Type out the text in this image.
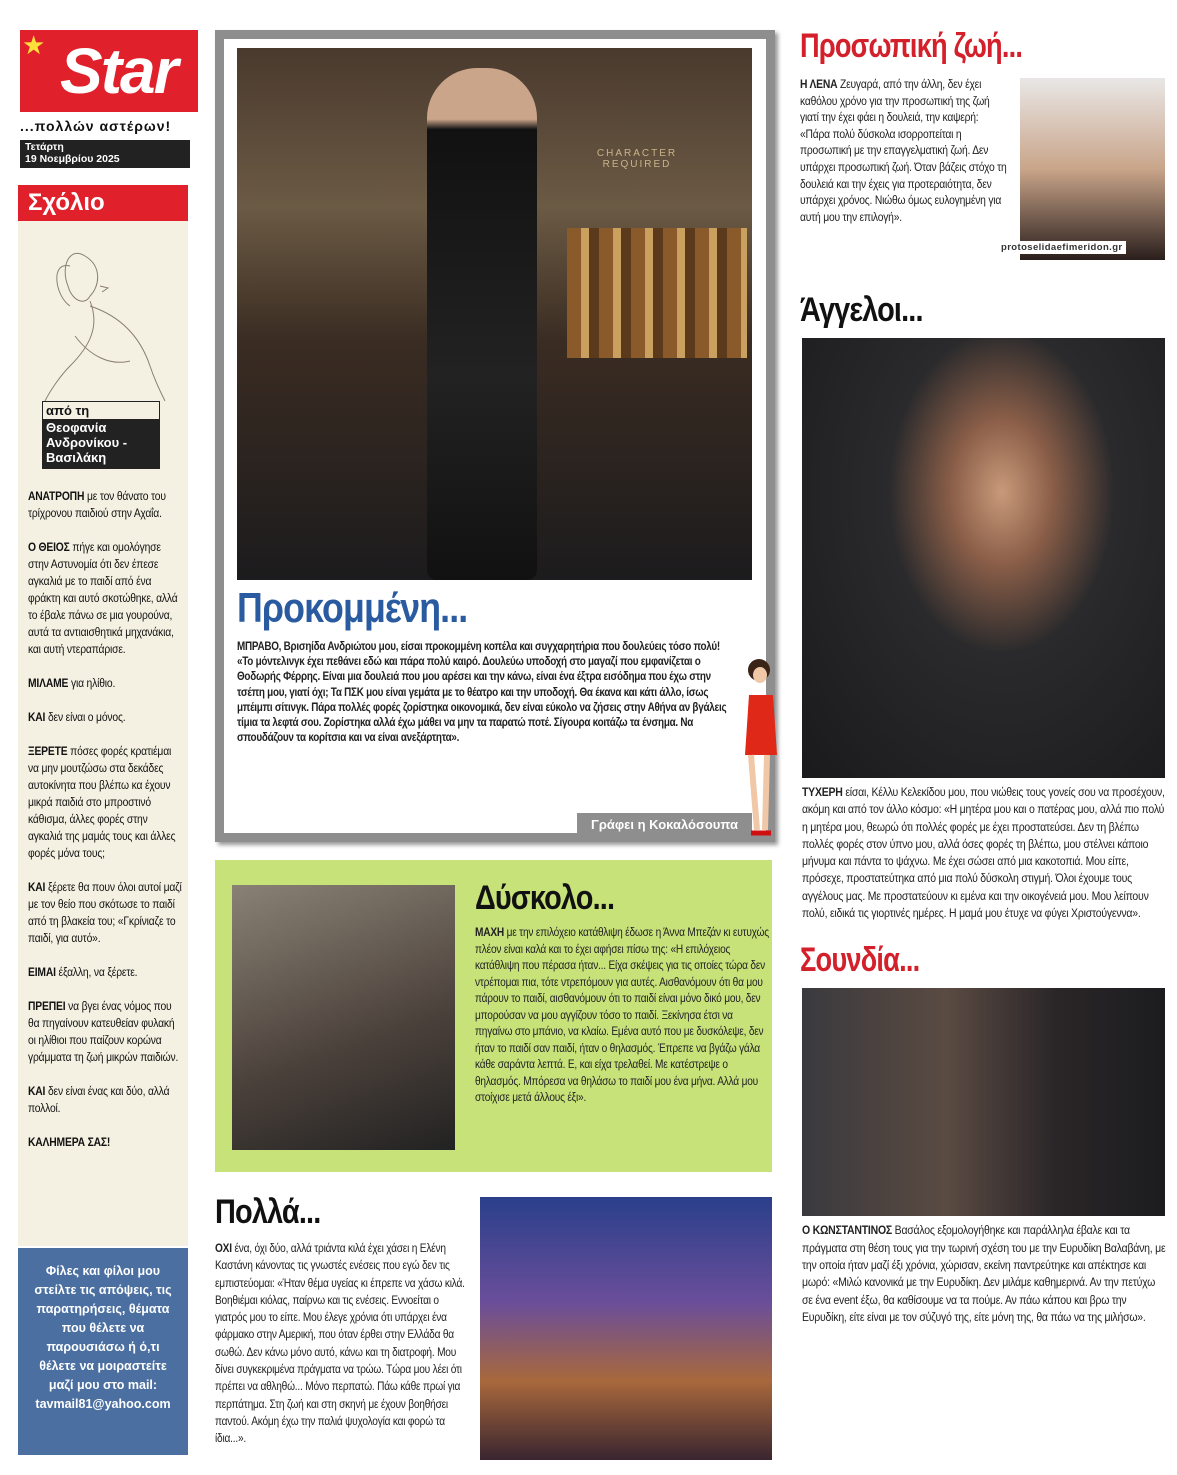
Star
★
...πολλών αστέρων!
Τετάρτη
19 Νοεμβρίου 2025
Σχόλιο
από τη
Θεοφανία Ανδρονίκου - Βασιλάκη

ΑΝΑΤΡΟΠΗ με τον θάνατο του τρίχρονου παιδιού στην Αχαΐα.

Ο ΘΕΙΟΣ πήγε και ομολόγησε στην Αστυνομία ότι δεν έπεσε αγκαλιά με το παιδί από ένα φράκτη και αυτό σκοτώθηκε, αλλά το έβαλε πάνω σε μια γουρούνα, αυτά τα αντιαισθητικά μηχανάκια, και αυτή ντεραπάρισε.

ΜΙΛΑΜΕ για ηλίθιο.

ΚΑΙ δεν είναι ο μόνος.

ΞΕΡΕΤΕ πόσες φορές κρατιέμαι να μην μουτζώσω στα δεκάδες αυτοκίνητα που βλέπω κα έχουν μικρά παιδιά στο μπροστινό κάθισμα, άλλες φορές στην αγκαλιά της μαμάς τους και άλλες φορές μόνα τους;

ΚΑΙ ξέρετε θα πουν όλοι αυτοί μαζί με τον θείο που σκότωσε το παιδί από τη βλακεία του; «Γκρίνιαζε το παιδί, για αυτό».

ΕΙΜΑΙ έξαλλη, να ξέρετε.

ΠΡΕΠΕΙ να βγει ένας νόμος που θα πηγαίνουν κατευθείαν φυλακή οι ηλίθιοι που παίζουν κορώνα γράμματα τη ζωή μικρών παιδιών.

ΚΑΙ δεν είναι ένας και δύο, αλλά πολλοί.

ΚΑΛΗΜΕΡΑ ΣΑΣ!

Φίλες και φίλοι μου στείλτε τις απόψεις, τις παρατηρήσεις, θέματα που θέλετε να παρουσιάσω ή ό,τι θέλετε να μοιραστείτε μαζί μου στο mail:
tavmail81@yahoo.com
CHARACTER REQUIRED
Προκομμένη...
ΜΠΡΑΒΟ, Βρισηίδα Ανδριώτου μου, είσαι προκομμένη κοπέλα και συγχαρητήρια που δουλεύεις τόσο πολύ! «Το μόντελινγκ έχει πεθάνει εδώ και πάρα πολύ καιρό. Δουλεύω υποδοχή στο μαγαζί που εμφανίζεται ο Θοδωρής Φέρρης. Είναι μια δουλειά που μου αρέσει και την κάνω, είναι ένα έξτρα εισόδημα που έχω στην τσέπη μου, γιατί όχι; Τα ΠΣΚ μου είναι γεμάτα με το θέατρο και την υποδοχή. Θα έκανα και κάτι άλλο, ίσως μπέιμπι σίτινγκ. Πάρα πολλές φορές ζορίστηκα οικονομικά, δεν είναι εύκολο να ζήσεις στην Αθήνα αν βγάλεις τίμια τα λεφτά σου. Ζορίστηκα αλλά έχω μάθει να μην τα παρατώ ποτέ. Σίγουρα κοιτάζω τα ένσημα. Να σπουδάζουν τα κορίτσια και να είναι ανεξάρτητα».
Γράφει η Κοκαλόσουπα
Δύσκολο...
ΜΑΧΗ με την επιλόχειο κατάθλιψη έδωσε η Άννα Μπεζάν κι ευτυχώς πλέον είναι καλά και το έχει αφήσει πίσω της: «Η επιλόχειος κατάθλιψη που πέρασα ήταν... Είχα σκέψεις για τις οποίες τώρα δεν ντρέπομαι πια, τότε ντρεπόμουν για αυτές. Αισθανόμουν ότι θα μου πάρουν το παιδί, αισθανόμουν ότι το παιδί είναι μόνο δικό μου, δεν μπορούσαν να μου αγγίζουν τόσο το παιδί. Ξεκίνησα έτσι να πηγαίνω στο μπάνιο, να κλαίω. Εμένα αυτό που με δυσκόλεψε, δεν ήταν το παιδί σαν παιδί, ήταν ο θηλασμός. Έπρεπε να βγάζω γάλα κάθε σαράντα λεπτά. Ε, και είχα τρελαθεί. Με κατέστρεψε ο θηλασμός. Μπόρεσα να θηλάσω το παιδί μου ένα μήνα. Αλλά μου στοίχισε μετά άλλους έξι».
Πολλά...
ΟΧΙ ένα, όχι δύο, αλλά τριάντα κιλά έχει χάσει η Ελένη Καστάνη κάνοντας τις γνωστές ενέσεις που εγώ δεν τις εμπιστεύομαι: «Ήταν θέμα υγείας κι έπρεπε να χάσω κιλά. Βοηθιέμαι κιόλας, παίρνω και τις ενέσεις. Εννοείται ο γιατρός μου το είπε. Μου έλεγε χρόνια ότι υπάρχει ένα φάρμακο στην Αμερική, που όταν έρθει στην Ελλάδα θα σωθώ. Δεν κάνω μόνο αυτό, κάνω και τη διατροφή. Μου δίνει συγκεκριμένα πράγματα να τρώω. Τώρα μου λέει ότι πρέπει να αθληθώ... Μόνο περπατώ. Πάω κάθε πρωί για περπάτημα. Στη ζωή και στη σκηνή με έχουν βοηθήσει παντού. Ακόμη έχω την παλιά ψυχολογία και φορώ τα ίδια...».
Προσωπική ζωή...
Η ΛΕΝΑ Ζευγαρά, από την άλλη, δεν έχει καθόλου χρόνο για την προσωπική της ζωή γιατί την έχει φάει η δουλειά, την καψερή: «Πάρα πολύ δύσκολα ισορροπείται η προσωπική με την επαγγελματική ζωή. Δεν υπάρχει προσωπική ζωή. Όταν βάζεις στόχο τη δουλειά και την έχεις για προτεραιότητα, δεν υπάρχει χρόνος. Νιώθω όμως ευλογημένη για αυτή μου την επιλογή».
protoselidaefimeridon.gr
Άγγελοι...
ΤΥΧΕΡΗ είσαι, Κέλλυ Κελεκίδου μου, που νιώθεις τους γονείς σου να προσέχουν, ακόμη και από τον άλλο κόσμο: «Η μητέρα μου και ο πατέρας μου, αλλά πιο πολύ η μητέρα μου, θεωρώ ότι πολλές φορές με έχει προστατεύσει. Δεν τη βλέπω πολλές φορές στον ύπνο μου, αλλά όσες φορές τη βλέπω, μου στέλνει κάποιο μήνυμα και πάντα το ψάχνω. Με έχει σώσει από μια κακοτοπιά. Μου είπε, πρόσεχε, προστατεύτηκα από μια πολύ δύσκολη στιγμή. Όλοι έχουμε τους αγγέλους μας. Με προστατεύουν κι εμένα και την οικογένειά μου. Μου λείπουν πολύ, ειδικά τις γιορτινές ημέρες. Η μαμά μου έτυχε να φύγει Χριστούγεννα».
Σουνδία...
Ο ΚΩΝΣΤΑΝΤΙΝΟΣ Βασάλος εξομολογήθηκε και παράλληλα έβαλε και τα πράγματα στη θέση τους για την τωρινή σχέση του με την Ευρυδίκη Βαλαβάνη, με την οποία ήταν μαζί έξι χρόνια, χώρισαν, εκείνη παντρεύτηκε και απέκτησε και μωρό: «Μιλώ κανονικά με την Ευρυδίκη. Δεν μιλάμε καθημερινά. Αν την πετύχω σε ένα event έξω, θα καθίσουμε να τα πούμε. Αν πάω κάπου και βρω την Ευρυδίκη, είτε είναι με τον σύζυγό της, είτε μόνη της, θα πάω να της μιλήσω».
